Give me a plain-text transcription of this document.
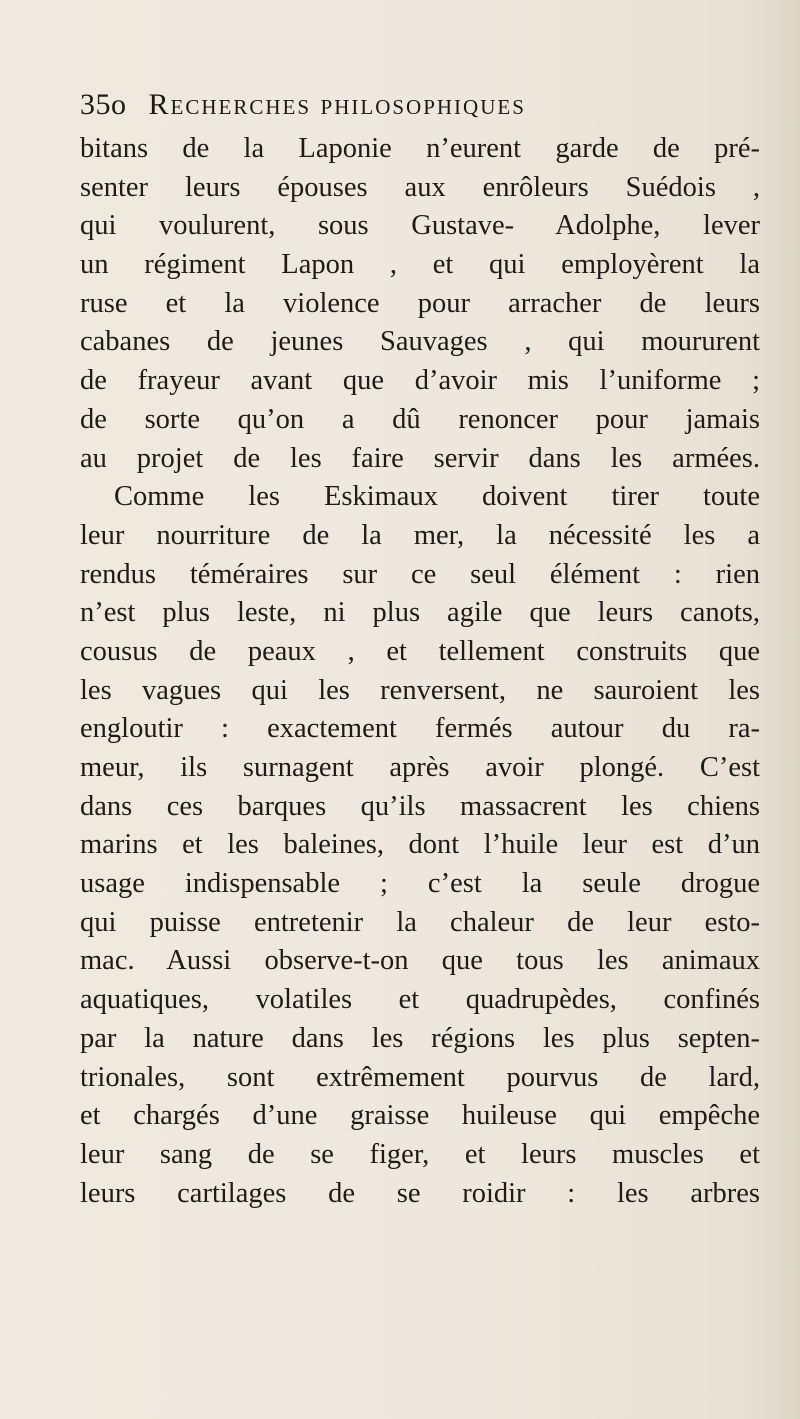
35o Recherches philosophiques
bitans de la Laponie n’eurent garde de pré-
senter leurs épouses aux enrôleurs Suédois ,
qui voulurent, sous Gustave- Adolphe, lever
un régiment Lapon , et qui employèrent la
ruse et la violence pour arracher de leurs
cabanes de jeunes Sauvages , qui moururent
de frayeur avant que d’avoir mis l’uniforme ;
de sorte qu’on a dû renoncer pour jamais
au projet de les faire servir dans les armées.
Comme les Eskimaux doivent tirer toute
leur nourriture de la mer, la nécessité les a
rendus téméraires sur ce seul élément : rien
n’est plus leste, ni plus agile que leurs canots,
cousus de peaux , et tellement construits que
les vagues qui les renversent, ne sauroient les
engloutir : exactement fermés autour du ra-
meur, ils surnagent après avoir plongé. C’est
dans ces barques qu’ils massacrent les chiens
marins et les baleines, dont l’huile leur est d’un
usage indispensable ; c’est la seule drogue
qui puisse entretenir la chaleur de leur esto-
mac. Aussi observe-t-on que tous les animaux
aquatiques, volatiles et quadrupèdes, confinés
par la nature dans les régions les plus septen-
trionales, sont extrêmement pourvus de lard,
et chargés d’une graisse huileuse qui empêche
leur sang de se figer, et leurs muscles et
leurs cartilages de se roidir : les arbres
